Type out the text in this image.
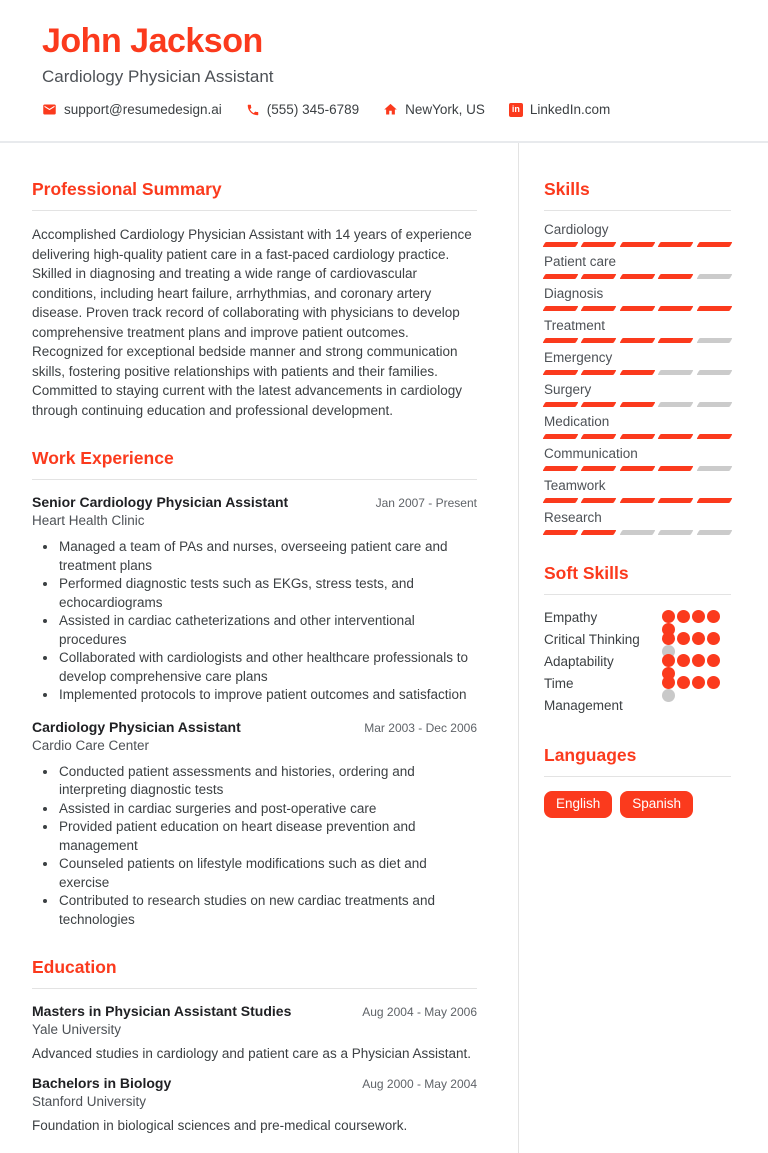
John Jackson
Cardiology Physician Assistant
support@resumedesign.ai	(555) 345-6789	NewYork, US	in LinkedIn.com
Professional Summary

Accomplished Cardiology Physician Assistant with 14 years of experience delivering high-quality patient care in a fast-paced cardiology practice. Skilled in diagnosing and treating a wide range of cardiovascular conditions, including heart failure, arrhythmias, and coronary artery disease. Proven track record of collaborating with physicians to develop comprehensive treatment plans and improve patient outcomes. Recognized for exceptional bedside manner and strong communication skills, fostering positive relationships with patients and their families. Committed to staying current with the latest advancements in cardiology through continuing education and professional development.

Work Experience
Senior Cardiology Physician Assistant	Jan 2007 - Present
Heart Health Clinic
• Managed a team of PAs and nurses, overseeing patient care and treatment plans
• Performed diagnostic tests such as EKGs, stress tests, and echocardiograms
• Assisted in cardiac catheterizations and other interventional procedures
• Collaborated with cardiologists and other healthcare professionals to develop comprehensive care plans
• Implemented protocols to improve patient outcomes and satisfaction
Cardiology Physician Assistant	Mar 2003 - Dec 2006
Cardio Care Center
• Conducted patient assessments and histories, ordering and interpreting diagnostic tests
• Assisted in cardiac surgeries and post-operative care
• Provided patient education on heart disease prevention and management
• Counseled patients on lifestyle modifications such as diet and exercise
• Contributed to research studies on new cardiac treatments and technologies
Education
Masters in Physician Assistant Studies	Aug 2004 - May 2006
Yale University

Advanced studies in cardiology and patient care as a Physician Assistant.

Bachelors in Biology	Aug 2000 - May 2004
Stanford University

Foundation in biological sciences and pre-medical coursework.

Skills
Cardiology
Patient care
Diagnosis
Treatment
Emergency
Surgery
Medication
Communication
Teamwork
Research
Soft Skills
Empathy
Critical Thinking
Adaptability
Time Management
Languages
English	Spanish
